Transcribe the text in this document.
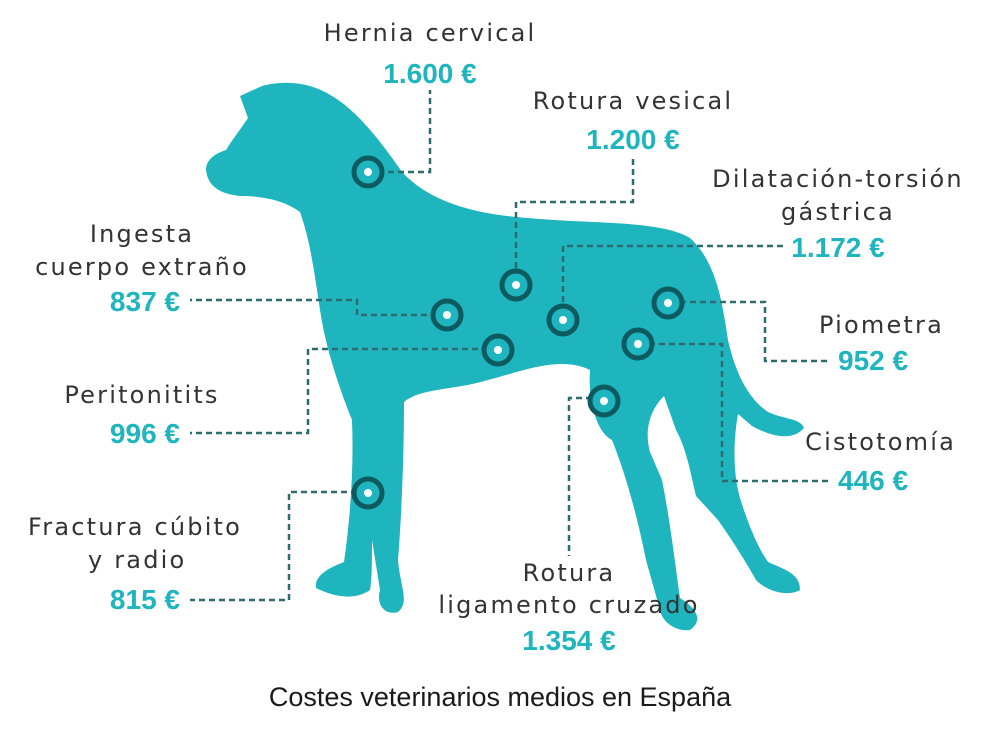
Hernia cervical
1.600 €
Rotura vesical
1.200 €
Dilatación-torsión
gástrica
1.172 €
Ingesta
cuerpo extraño
837 €
Piometra
952 €
Peritonitits
996 €	Cistotomía
446 €
Fractura cúbito
y radio
815 €
Rotura
ligamento cruzado
1.354 €
Costes veterinarios medios en España
